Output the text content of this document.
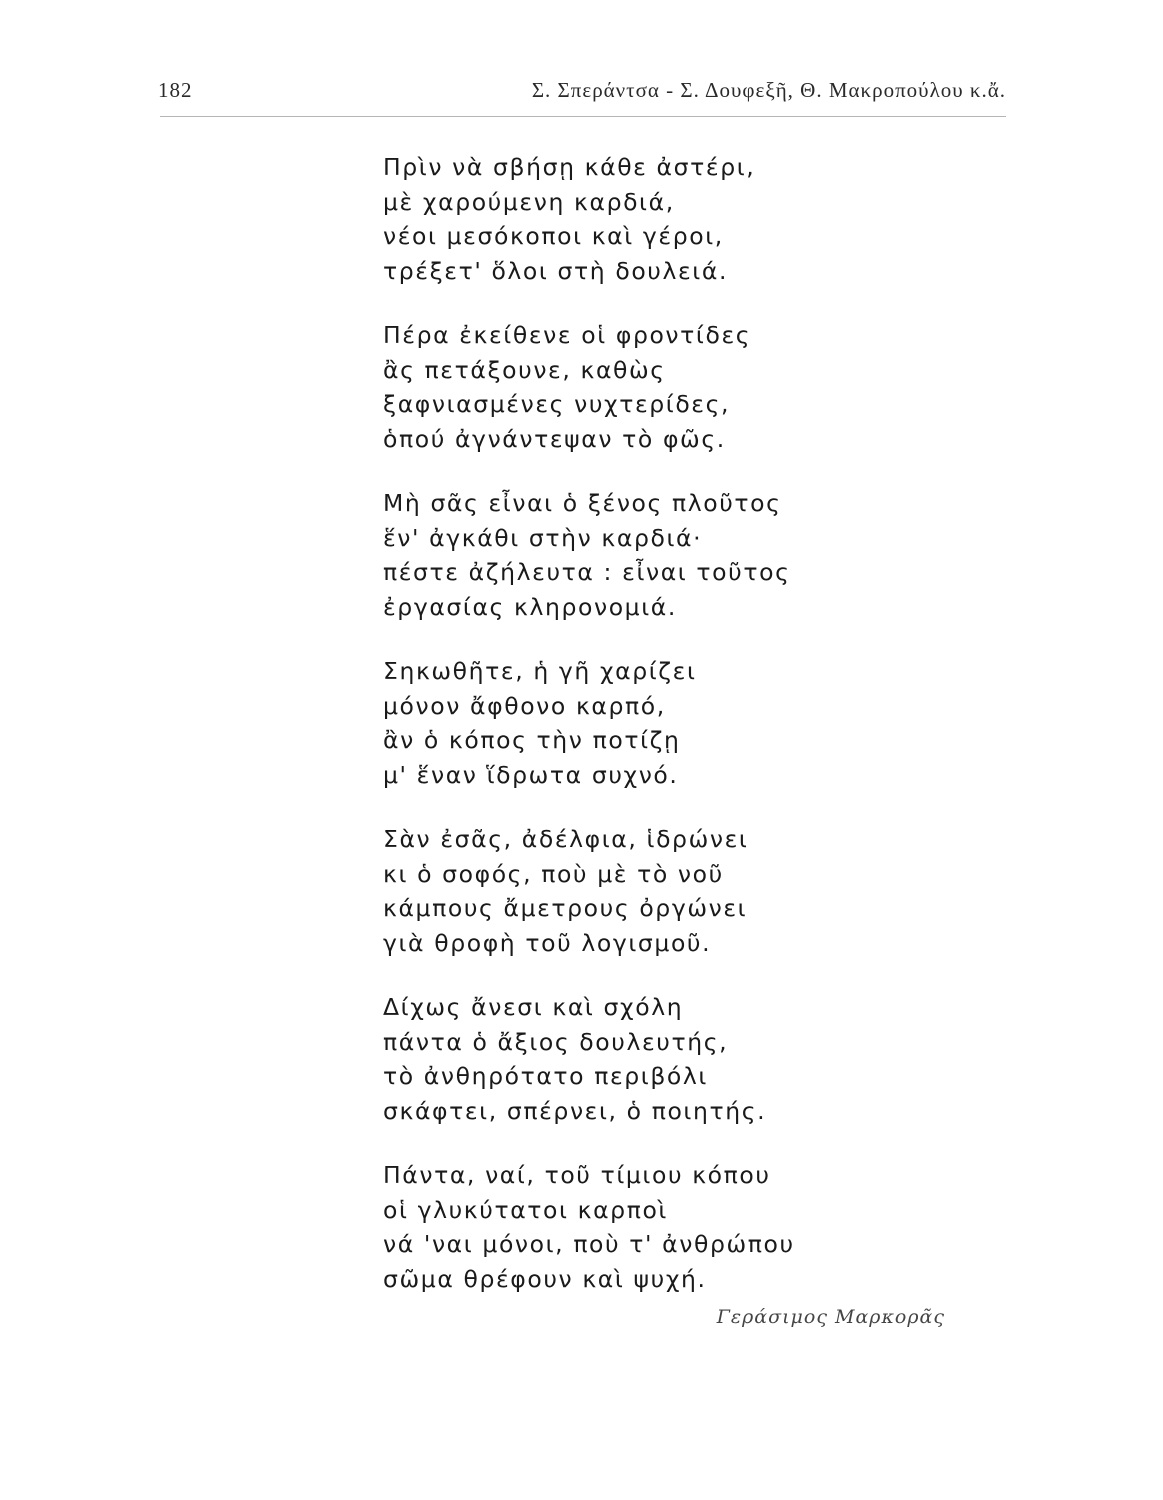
182	Σ. Σπεράντσα - Σ. Δουφεξῆ, Θ. Μακροπούλου κ.ἄ.
Πρὶν νὰ σβήσῃ κάθε ἀστέρι,
μὲ χαρούμενη καρδιά,
νέοι μεσόκοποι καὶ γέροι,
τρέξετ' ὅλοι στὴ δουλειά.
Πέρα ἐκείθενε οἱ φροντίδες
ἂς πετάξουνε, καθὼς
ξαφνιασμένες νυχτερίδες,
ὁπού ἀγνάντεψαν τὸ φῶς.
Μὴ σᾶς εἶναι ὁ ξένος πλοῦτος
ἕν' ἀγκάθι στὴν καρδιά·
πέστε ἀζήλευτα : εἶναι τοῦτος
ἐργασίας κληρονομιά.
Σηκωθῆτε, ἡ γῆ χαρίζει
μόνον ἄφθονο καρπό,
ἂν ὁ κόπος τὴν ποτίζῃ
μ' ἕναν ἵδρωτα συχνό.
Σὰν ἐσᾶς, ἀδέλφια, ἱδρώνει
κι ὁ σοφός, ποὺ μὲ τὸ νοῦ
κάμπους ἄμετρους ὀργώνει
γιὰ θροφὴ τοῦ λογισμοῦ.
Δίχως ἄνεσι καὶ σχόλη
πάντα ὁ ἄξιος δουλευτής,
τὸ ἀνθηρότατο περιβόλι
σκάφτει, σπέρνει, ὁ ποιητής.
Πάντα, ναί, τοῦ τίμιου κόπου
οἱ γλυκύτατοι καρποὶ
νά 'ναι μόνοι, ποὺ τ' ἀνθρώπου
σῶμα θρέφουν καὶ ψυχή.
Γεράσιμος Μαρκορᾶς
